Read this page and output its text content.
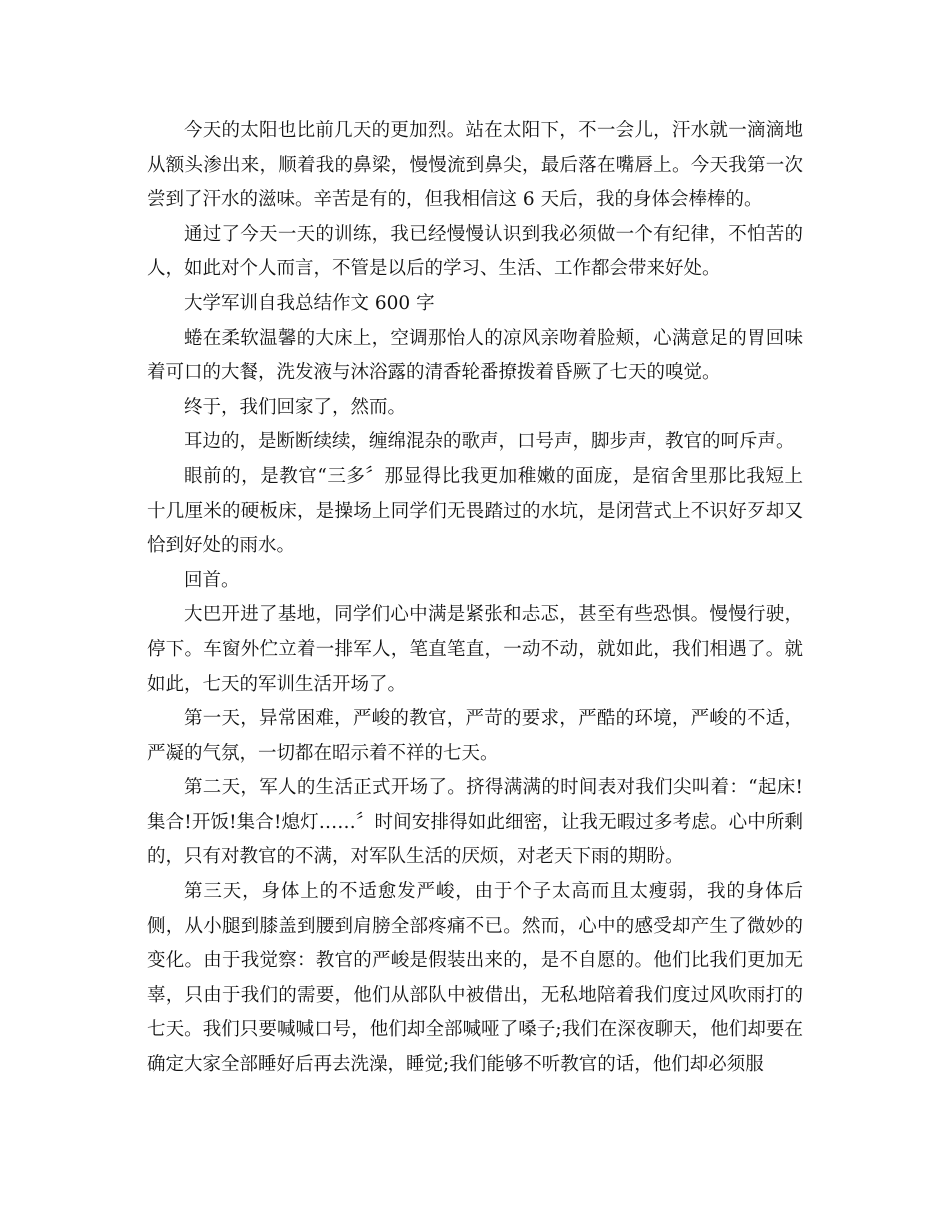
今天的太阳也比前几天的更加烈。站在太阳下，不一会儿，汗水就一滴滴地从额头渗出来，顺着我的鼻梁，慢慢流到鼻尖，最后落在嘴唇上。今天我第一次尝到了汗水的滋味。辛苦是有的，但我相信这 6 天后，我的身体会棒棒的。

通过了今天一天的训练，我已经慢慢认识到我必须做一个有纪律，不怕苦的人，如此对个人而言，不管是以后的学习、生活、工作都会带来好处。

大学军训自我总结作文 600 字

蜷在柔软温馨的大床上，空调那怡人的凉风亲吻着脸颊，心满意足的胃回味着可口的大餐，洗发液与沐浴露的清香轮番撩拨着昏厥了七天的嗅觉。

终于，我们回家了，然而。

耳边的，是断断续续，缠绵混杂的歌声，口号声，脚步声，教官的呵斥声。

眼前的，是教官“三多〞那显得比我更加稚嫩的面庞，是宿舍里那比我短上十几厘米的硬板床，是操场上同学们无畏踏过的水坑，是闭营式上不识好歹却又恰到好处的雨水。

回首。

大巴开进了基地，同学们心中满是紧张和忐忑，甚至有些恐惧。慢慢行驶，停下。车窗外伫立着一排军人，笔直笔直，一动不动，就如此，我们相遇了。就如此，七天的军训生活开场了。

第一天，异常困难，严峻的教官，严苛的要求，严酷的环境，严峻的不适，严凝的气氛，一切都在昭示着不祥的七天。

第二天，军人的生活正式开场了。挤得满满的时间表对我们尖叫着：“起床!集合!开饭!集合!熄灯……〞时间安排得如此细密，让我无暇过多考虑。心中所剩的，只有对教官的不满，对军队生活的厌烦，对老天下雨的期盼。

第三天，身体上的不适愈发严峻，由于个子太高而且太瘦弱，我的身体后侧，从小腿到膝盖到腰到肩膀全部疼痛不已。然而，心中的感受却产生了微妙的变化。由于我觉察：教官的严峻是假装出来的，是不自愿的。他们比我们更加无辜，只由于我们的需要，他们从部队中被借出，无私地陪着我们度过风吹雨打的七天。我们只要喊喊口号，他们却全部喊哑了嗓子;我们在深夜聊天，他们却要在确定大家全部睡好后再去洗澡，睡觉;我们能够不听教官的话，他们却必须服
